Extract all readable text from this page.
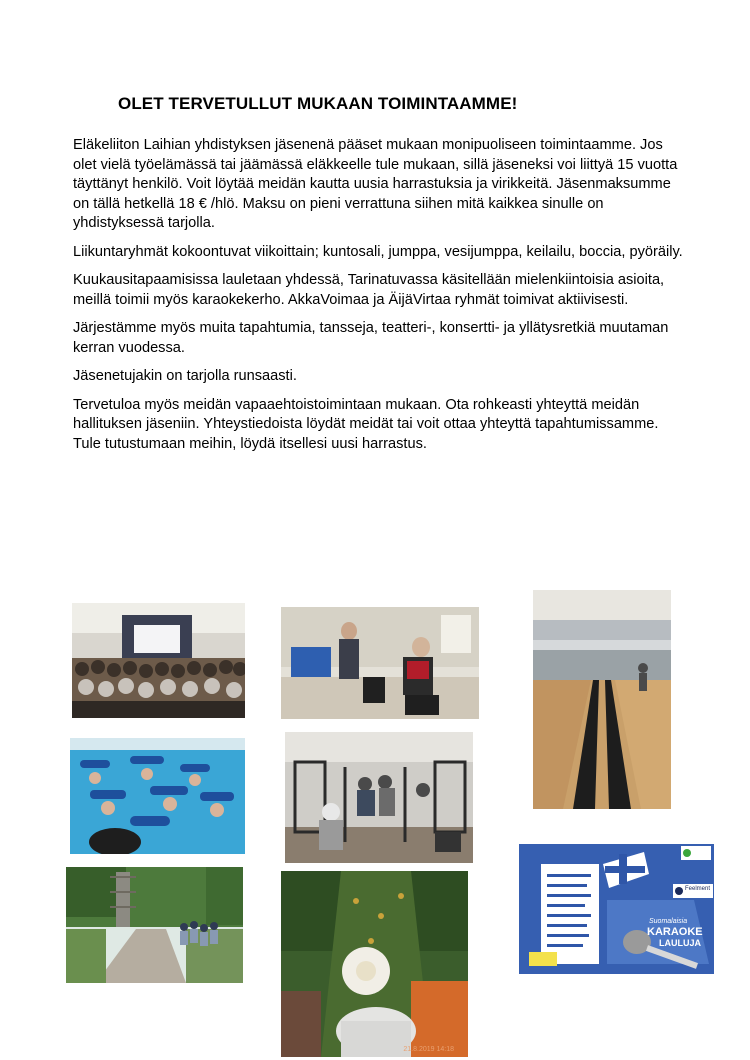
OLET TERVETULLUT MUKAAN TOIMINTAAMME!

Eläkeliiton Laihian yhdistyksen jäsenenä pääset mukaan monipuoliseen toimintaamme. Jos olet vielä työelämässä tai jäämässä eläkkeelle tule mukaan, sillä jäseneksi voi liittyä 15 vuotta täyttänyt henkilö. Voit löytää meidän kautta uusia harrastuksia ja virikkeitä. Jäsenmaksumme on tällä hetkellä 18 € /hlö. Maksu on pieni verrattuna siihen mitä kaikkea sinulle on yhdistyksessä tarjolla.

Liikuntaryhmät kokoontuvat viikoittain; kuntosali, jumppa, vesijumppa, keilailu, boccia, pyöräily.

Kuukausitapaamisissa lauletaan yhdessä, Tarinatuvassa käsitellään mielenkiintoisia asioita, meillä toimii myös karaokekerho. AkkaVoimaa ja ÄijäVirtaa ryhmät toimivat aktiivisesti.

Järjestämme myös muita tapahtumia, tansseja, teatteri-, konsertti- ja yllätysretkiä muutaman kerran vuodessa.

Jäsenetujakin on tarjolla runsaasti.

Tervetuloa myös meidän vapaaehtoistoimintaan mukaan. Ota rohkeasti yhteyttä meidän hallituksen jäseniin. Yhteystiedoista löydät meidät tai voit ottaa yhteyttä tapahtumissamme. Tule tutustumaan meihin, löydä itsellesi uusi harrastus.

21.8.2019 14:18
Suomalaisia
KARAOKE
LAULUJA
Feelment
